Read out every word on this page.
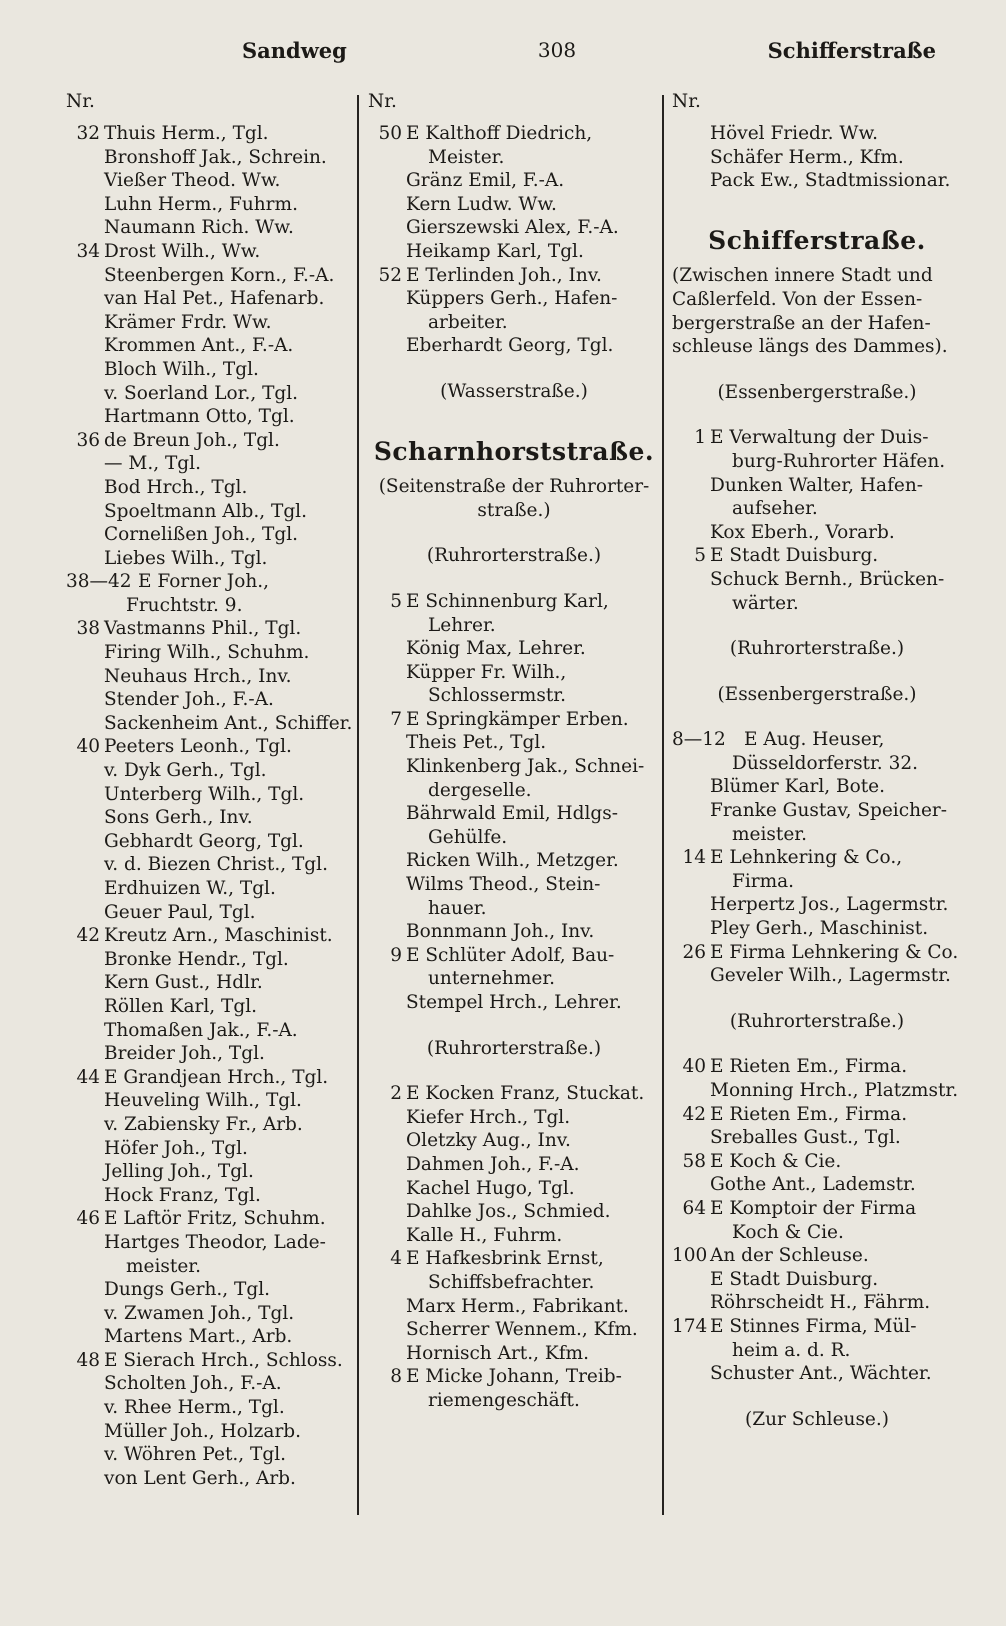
Sandweg	308	Schifferstraße
Nr.
32 Thuis Herm., Tgl.
Bronshoff Jak., Schrein.
Vießer Theod. Ww.
Luhn Herm., Fuhrm.
Naumann Rich. Ww.
34 Drost Wilh., Ww.
Steenbergen Korn., F.-A.
van Hal Pet., Hafenarb.
Krämer Frdr. Ww.
Krommen Ant., F.-A.
Bloch Wilh., Tgl.
v. Soerland Lor., Tgl.
Hartmann Otto, Tgl.
36 de Breun Joh., Tgl.
— M., Tgl.
Bod Hrch., Tgl.
Spoeltmann Alb., Tgl.
Cornelißen Joh., Tgl.
Liebes Wilh., Tgl.
38—42 E Forner Joh.,
Fruchtstr. 9.
38 Vastmanns Phil., Tgl.
Firing Wilh., Schuhm.
Neuhaus Hrch., Inv.
Stender Joh., F.-A.
Sackenheim Ant., Schiffer.
40 Peeters Leonh., Tgl.
v. Dyk Gerh., Tgl.
Unterberg Wilh., Tgl.
Sons Gerh., Inv.
Gebhardt Georg, Tgl.
v. d. Biezen Christ., Tgl.
Erdhuizen W., Tgl.
Geuer Paul, Tgl.
42 Kreutz Arn., Maschinist.
Bronke Hendr., Tgl.
Kern Gust., Hdlr.
Röllen Karl, Tgl.
Thomaßen Jak., F.-A.
Breider Joh., Tgl.
44 E Grandjean Hrch., Tgl.
Heuveling Wilh., Tgl.
v. Zabiensky Fr., Arb.
Höfer Joh., Tgl.
Jelling Joh., Tgl.
Hock Franz, Tgl.
46 E Laftör Fritz, Schuhm.
Hartges Theodor, Lade-
meister.
Dungs Gerh., Tgl.
v. Zwamen Joh., Tgl.
Martens Mart., Arb.
48 E Sierach Hrch., Schloss.
Scholten Joh., F.-A.
v. Rhee Herm., Tgl.
Müller Joh., Holzarb.
v. Wöhren Pet., Tgl.
von Lent Gerh., Arb.
Nr.
50 E Kalthoff Diedrich,
Meister.
Gränz Emil, F.-A.
Kern Ludw. Ww.
Gierszewski Alex, F.-A.
Heikamp Karl, Tgl.
52 E Terlinden Joh., Inv.
Küppers Gerh., Hafen-
arbeiter.
Eberhardt Georg, Tgl.
(Wasserstraße.)
Scharnhorststraße.
(Seitenstraße der Ruhrorter-
straße.)
(Ruhrorterstraße.)
5 E Schinnenburg Karl,
Lehrer.
König Max, Lehrer.
Küpper Fr. Wilh.,
Schlossermstr.
7 E Springkämper Erben.
Theis Pet., Tgl.
Klinkenberg Jak., Schnei-
dergeselle.
Bährwald Emil, Hdlgs-
Gehülfe.
Ricken Wilh., Metzger.
Wilms Theod., Stein-
hauer.
Bonnmann Joh., Inv.
9 E Schlüter Adolf, Bau-
unternehmer.
Stempel Hrch., Lehrer.
(Ruhrorterstraße.)
2 E Kocken Franz, Stuckat.
Kiefer Hrch., Tgl.
Oletzky Aug., Inv.
Dahmen Joh., F.-A.
Kachel Hugo, Tgl.
Dahlke Jos., Schmied.
Kalle H., Fuhrm.
4 E Hafkesbrink Ernst,
Schiffsbefrachter.
Marx Herm., Fabrikant.
Scherrer Wennem., Kfm.
Hornisch Art., Kfm.
8 E Micke Johann, Treib-
riemengeschäft.
Nr.
Hövel Friedr. Ww.
Schäfer Herm., Kfm.
Pack Ew., Stadtmissionar.
Schifferstraße.
(Zwischen innere Stadt und
Caßlerfeld. Von der Essen-
bergerstraße an der Hafen-
schleuse längs des Dammes).
(Essenbergerstraße.)
1 E Verwaltung der Duis-
burg-Ruhrorter Häfen.
Dunken Walter, Hafen-
aufseher.
Kox Eberh., Vorarb.
5 E Stadt Duisburg.
Schuck Bernh., Brücken-
wärter.
(Ruhrorterstraße.)
(Essenbergerstraße.)
8—12 E Aug. Heuser,
Düsseldorferstr. 32.
Blümer Karl, Bote.
Franke Gustav, Speicher-
meister.
14 E Lehnkering & Co.,
Firma.
Herpertz Jos., Lagermstr.
Pley Gerh., Maschinist.
26 E Firma Lehnkering & Co.
Geveler Wilh., Lagermstr.
(Ruhrorterstraße.)
40 E Rieten Em., Firma.
Monning Hrch., Platzmstr.
42 E Rieten Em., Firma.
Sreballes Gust., Tgl.
58 E Koch & Cie.
Gothe Ant., Lademstr.
64 E Komptoir der Firma
Koch & Cie.
100 An der Schleuse.
E Stadt Duisburg.
Röhrscheidt H., Fährm.
174 E Stinnes Firma, Mül-
heim a. d. R.
Schuster Ant., Wächter.
(Zur Schleuse.)
